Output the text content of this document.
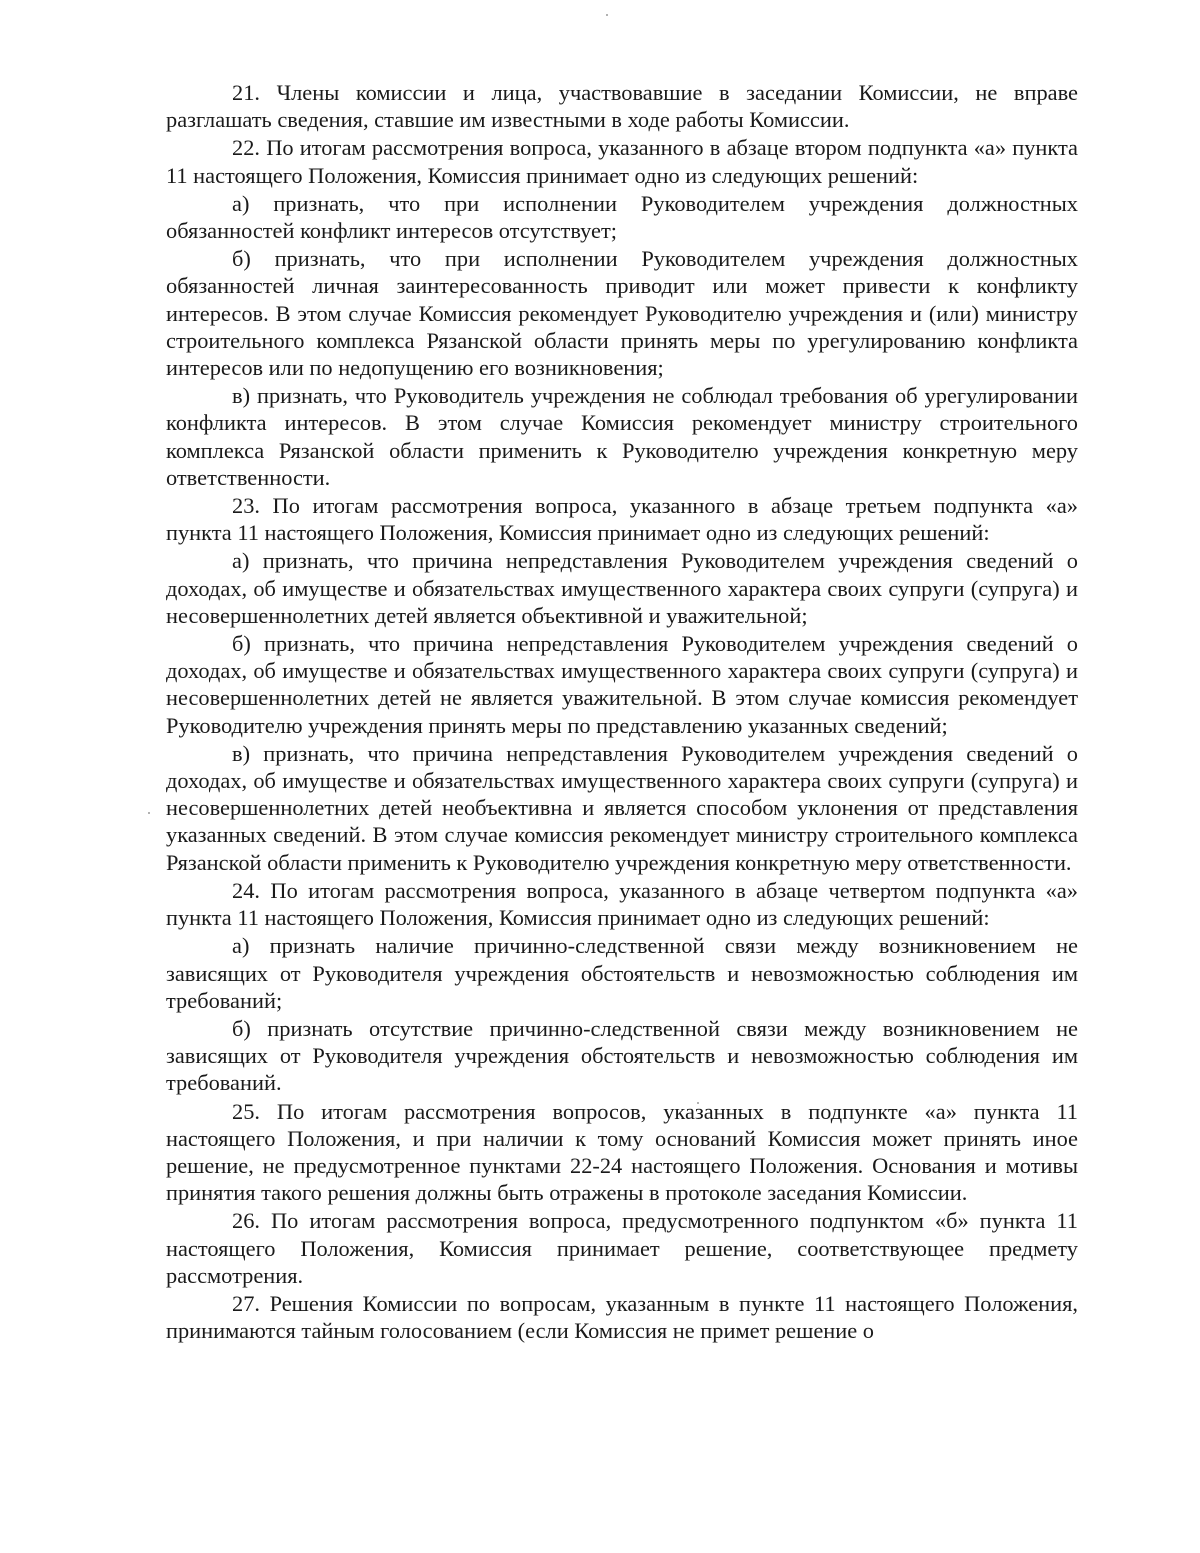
21. Члены комиссии и лица, участвовавшие в заседании Комиссии, не вправе разглашать сведения, ставшие им известными в ходе работы Комиссии.

22. По итогам рассмотрения вопроса, указанного в абзаце втором подпункта «а» пункта 11 настоящего Положения, Комиссия принимает одно из следующих решений:

а) признать, что при исполнении Руководителем учреждения должностных обязанностей конфликт интересов отсутствует;

б) признать, что при исполнении Руководителем учреждения должностных обязанностей личная заинтересованность приводит или может привести к конфликту интересов. В этом случае Комиссия рекомендует Руководителю учреждения и (или) министру строительного комплекса Рязанской области принять меры по урегулированию конфликта интересов или по недопущению его возникновения;

в) признать, что Руководитель учреждения не соблюдал требования об урегулировании конфликта интересов. В этом случае Комиссия рекомендует министру строительного комплекса Рязанской области применить к Руководителю учреждения конкретную меру ответственности.

23. По итогам рассмотрения вопроса, указанного в абзаце третьем подпункта «а» пункта 11 настоящего Положения, Комиссия принимает одно из следующих решений:

а) признать, что причина непредставления Руководителем учреждения сведений о доходах, об имуществе и обязательствах имущественного характера своих супруги (супруга) и несовершеннолетних детей является объективной и уважительной;

б) признать, что причина непредставления Руководителем учреждения сведений о доходах, об имуществе и обязательствах имущественного характера своих супруги (супруга) и несовершеннолетних детей не является уважительной. В этом случае комиссия рекомендует Руководителю учреждения принять меры по представлению указанных сведений;

в) признать, что причина непредставления Руководителем учреждения сведений о доходах, об имуществе и обязательствах имущественного характера своих супруги (супруга) и несовершеннолетних детей необъективна и является способом уклонения от представления указанных сведений. В этом случае комиссия рекомендует министру строительного комплекса Рязанской области применить к Руководителю учреждения конкретную меру ответственности.

24. По итогам рассмотрения вопроса, указанного в абзаце четвертом подпункта «а» пункта 11 настоящего Положения, Комиссия принимает одно из следующих решений:

а) признать наличие причинно-следственной связи между возникновением не зависящих от Руководителя учреждения обстоятельств и невозможностью соблюдения им требований;

б) признать отсутствие причинно-следственной связи между возникновением не зависящих от Руководителя учреждения обстоятельств и невозможностью соблюдения им требований.

25. По итогам рассмотрения вопросов, указанных в подпункте «а» пункта 11 настоящего Положения, и при наличии к тому оснований Комиссия может принять иное решение, не предусмотренное пунктами 22-24 настоящего Положения. Основания и мотивы принятия такого решения должны быть отражены в протоколе заседания Комиссии.

26. По итогам рассмотрения вопроса, предусмотренного подпунктом «б» пункта 11 настоящего Положения, Комиссия принимает решение, соответствующее предмету рассмотрения.

27. Решения Комиссии по вопросам, указанным в пункте 11 настоящего Положения, принимаются тайным голосованием (если Комиссия не примет решение о
